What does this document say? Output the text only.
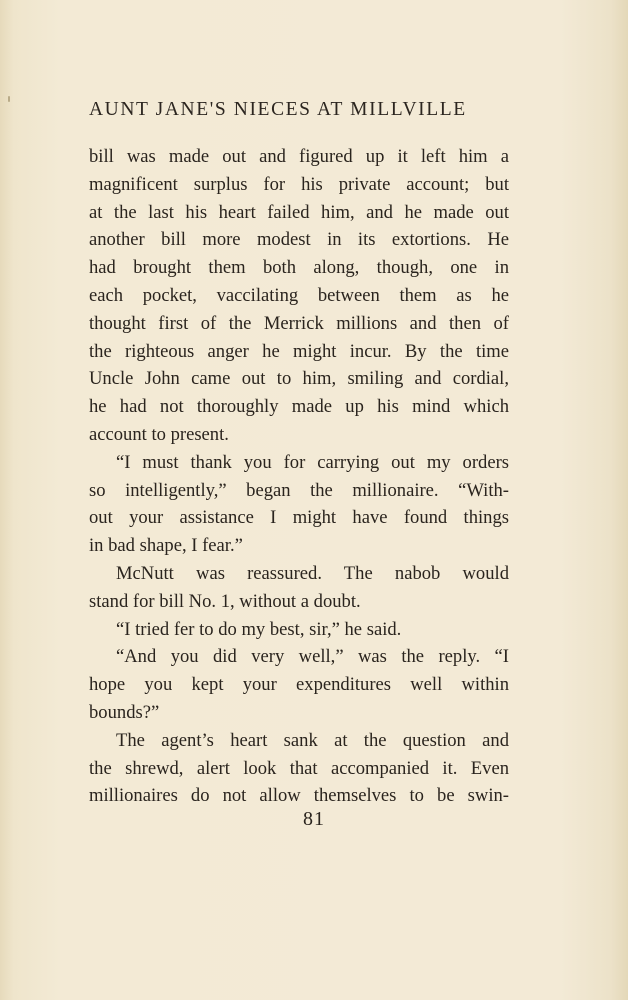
AUNT JANE'S NIECES AT MILLVILLE
bill was made out and figured up it left him a
magnificent surplus for his private account; but
at the last his heart failed him, and he made out
another bill more modest in its extortions. He
had brought them both along, though, one in
each pocket, vaccilating between them as he
thought first of the Merrick millions and then of
the righteous anger he might incur. By the time
Uncle John came out to him, smiling and cordial,
he had not thoroughly made up his mind which
account to present.
“I must thank you for carrying out my orders
so intelligently,” began the millionaire. “With-
out your assistance I might have found things
in bad shape, I fear.”
McNutt was reassured. The nabob would
stand for bill No. 1, without a doubt.
“I tried fer to do my best, sir,” he said.
“And you did very well,” was the reply. “I
hope you kept your expenditures well within
bounds?”
The agent’s heart sank at the question and
the shrewd, alert look that accompanied it. Even
millionaires do not allow themselves to be swin-
81
